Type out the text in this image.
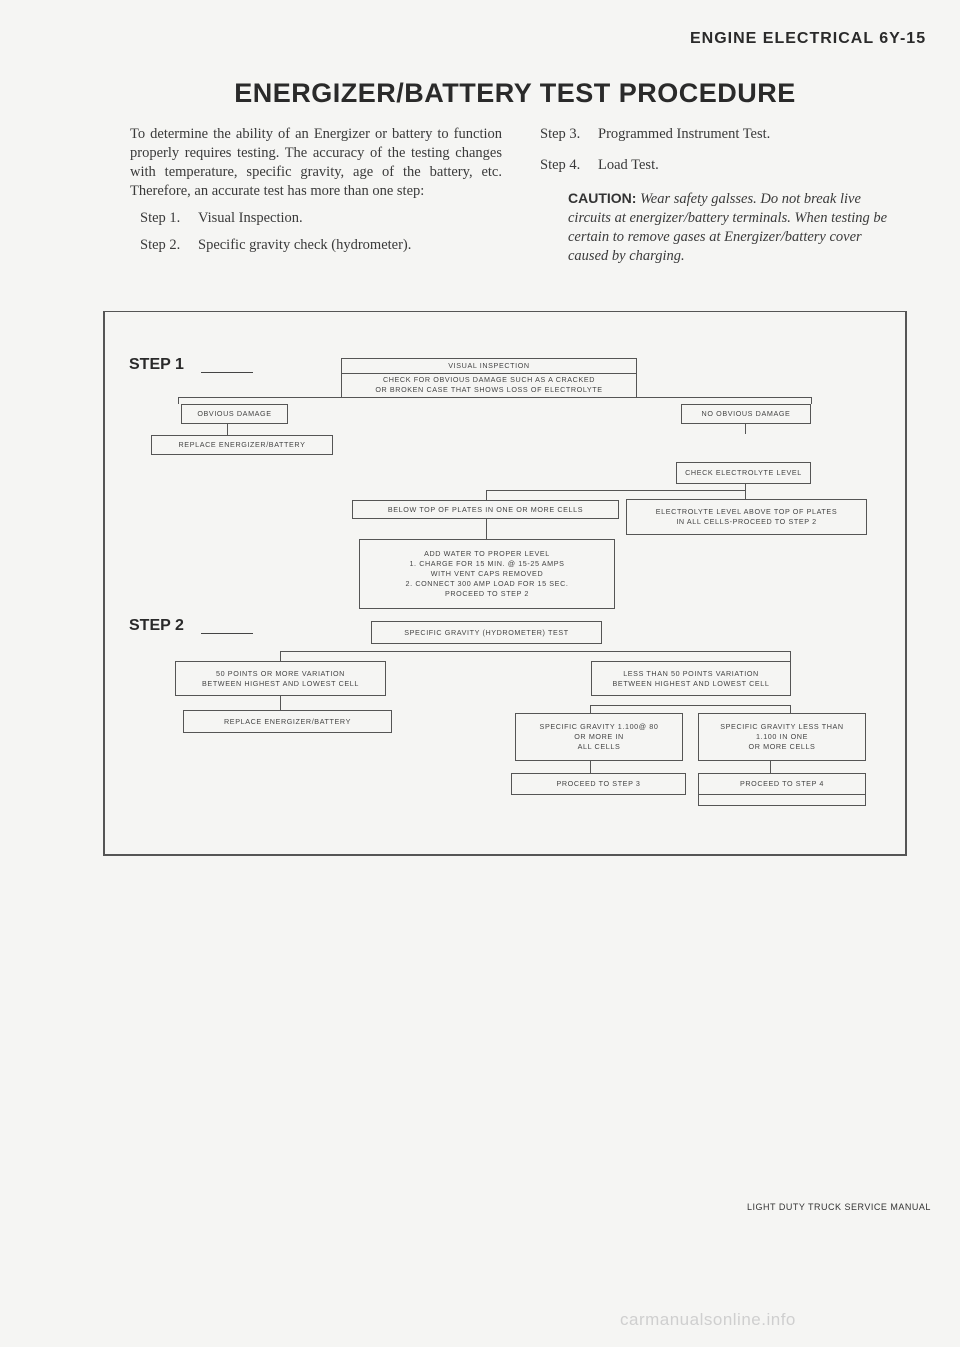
ENGINE ELECTRICAL 6Y-15
ENERGIZER/BATTERY TEST PROCEDURE
To determine the ability of an Energizer or battery to function properly requires testing. The accuracy of the testing changes with temperature, specific gravity, age of the battery, etc. Therefore, an accurate test has more than one step:
Step 1. Visual Inspection.
Step 2. Specific gravity check (hydrometer).
Step 3. Programmed Instrument Test.
Step 4. Load Test.
CAUTION: Wear safety galsses. Do not break live circuits at energizer/battery terminals. When testing be certain to remove gases at Energizer/battery cover caused by charging.
STEP 1
STEP 2
VISUAL INSPECTION
CHECK FOR OBVIOUS DAMAGE SUCH AS A CRACKED
OR BROKEN CASE THAT SHOWS LOSS OF ELECTROLYTE
OBVIOUS DAMAGE	NO OBVIOUS DAMAGE
REPLACE ENERGIZER/BATTERY
CHECK ELECTROLYTE LEVEL
BELOW TOP OF PLATES IN ONE OR MORE CELLS	ELECTROLYTE LEVEL ABOVE TOP OF PLATES
IN ALL CELLS-PROCEED TO STEP 2
ADD WATER TO PROPER LEVEL
1. CHARGE FOR 15 MIN. @ 15-25 AMPS
WITH VENT CAPS REMOVED
2. CONNECT 300 AMP LOAD FOR 15 SEC.
PROCEED TO STEP 2
SPECIFIC GRAVITY (HYDROMETER) TEST
50 POINTS OR MORE VARIATION
BETWEEN HIGHEST AND LOWEST CELL
LESS THAN 50 POINTS VARIATION
BETWEEN HIGHEST AND LOWEST CELL
REPLACE ENERGIZER/BATTERY
SPECIFIC GRAVITY 1.100@ 80
OR MORE IN
ALL CELLS
SPECIFIC GRAVITY LESS THAN
1.100 IN ONE
OR MORE CELLS
PROCEED TO STEP 3	PROCEED TO STEP 4
LIGHT DUTY TRUCK SERVICE MANUAL
carmanualsonline.info
